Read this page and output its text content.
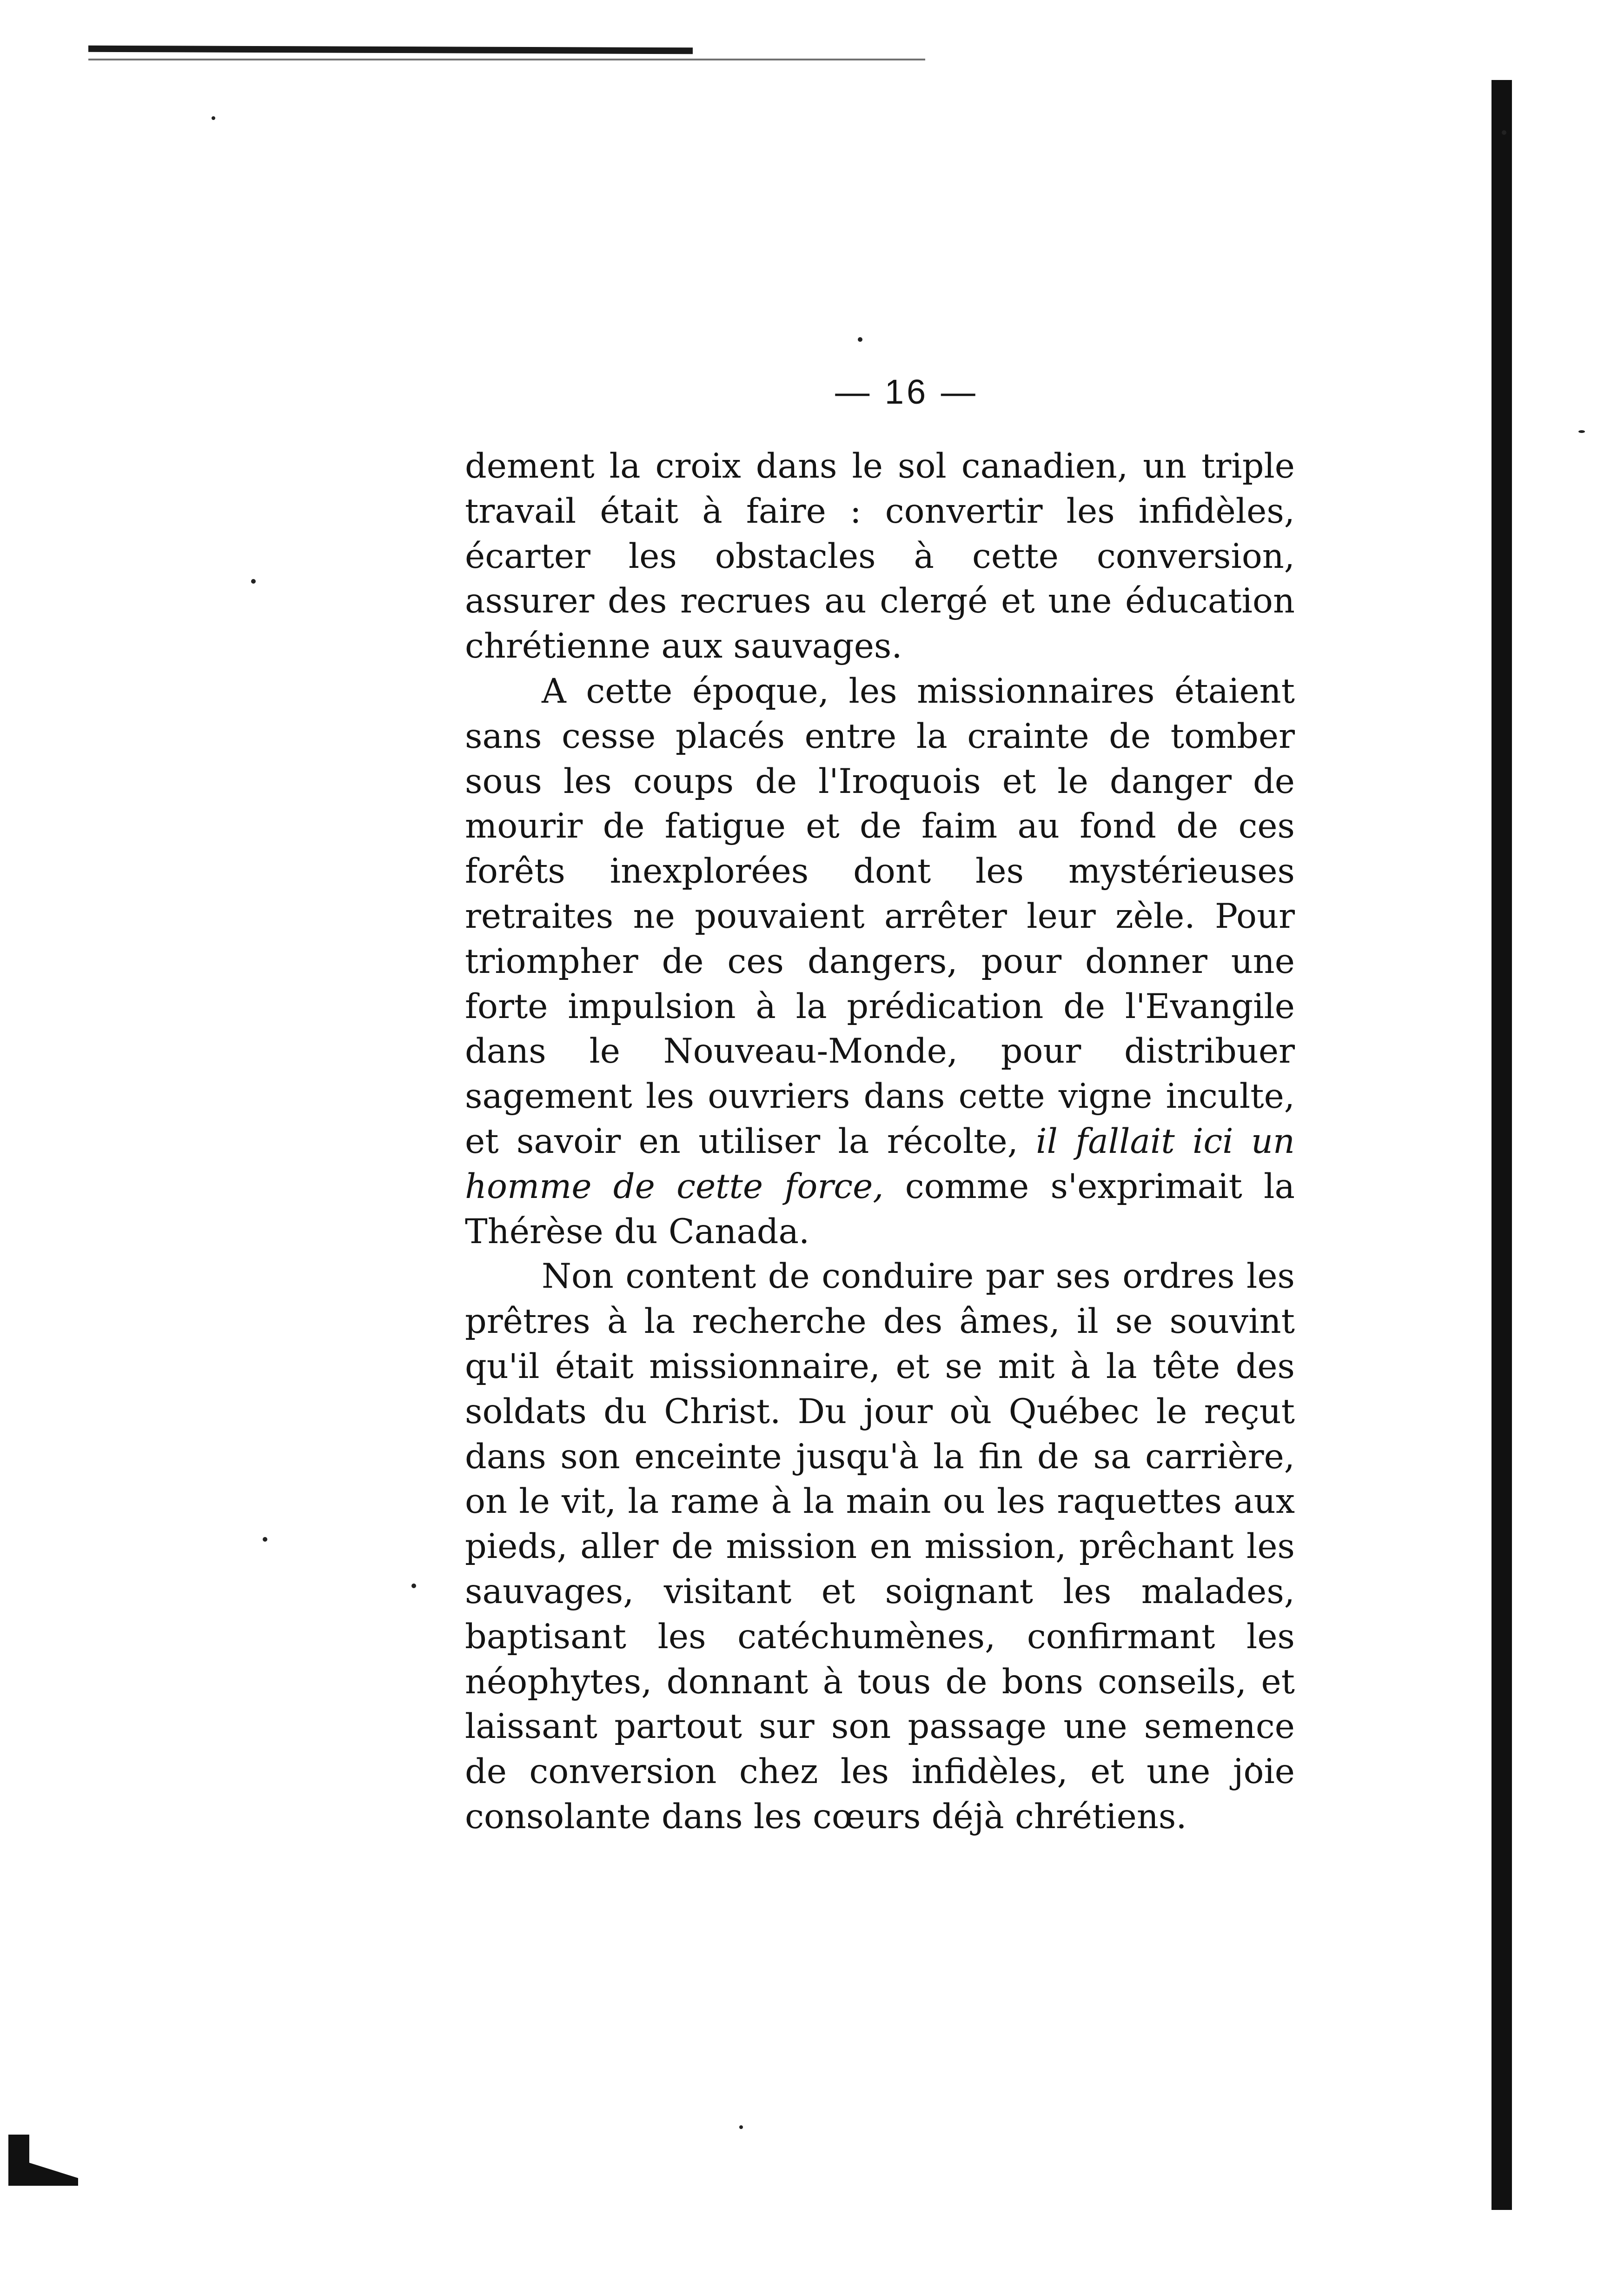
— 16 —

dement la croix dans le sol canadien, un triple travail était à faire : convertir les infidèles, écarter les obstacles à cette conversion, assurer des recrues au clergé et une éducation chrétienne aux sauvages.

A cette époque, les missionnaires étaient sans cesse placés entre la crainte de tomber sous les coups de l'Iroquois et le danger de mourir de fatigue et de faim au fond de ces forêts inexplorées dont les mystérieuses retraites ne pouvaient arrêter leur zèle. Pour triompher de ces dangers, pour donner une forte impulsion à la prédication de l'Evangile dans le Nouveau-Monde, pour distribuer sagement les ouvriers dans cette vigne inculte, et savoir en utiliser la récolte, il fallait ici un homme de cette force, comme s'exprimait la Thérèse du Canada.

Non content de conduire par ses ordres les prêtres à la recherche des âmes, il se souvint qu'il était missionnaire, et se mit à la tête des soldats du Christ. Du jour où Québec le reçut dans son enceinte jusqu'à la fin de sa carrière, on le vit, la rame à la main ou les raquettes aux pieds, aller de mission en mission, prêchant les sauvages, visitant et soignant les malades, baptisant les catéchumènes, confirmant les néophytes, donnant à tous de bons conseils, et laissant partout sur son passage une semence de conversion chez les infidèles, et une joie consolante dans les cœurs déjà chrétiens.
